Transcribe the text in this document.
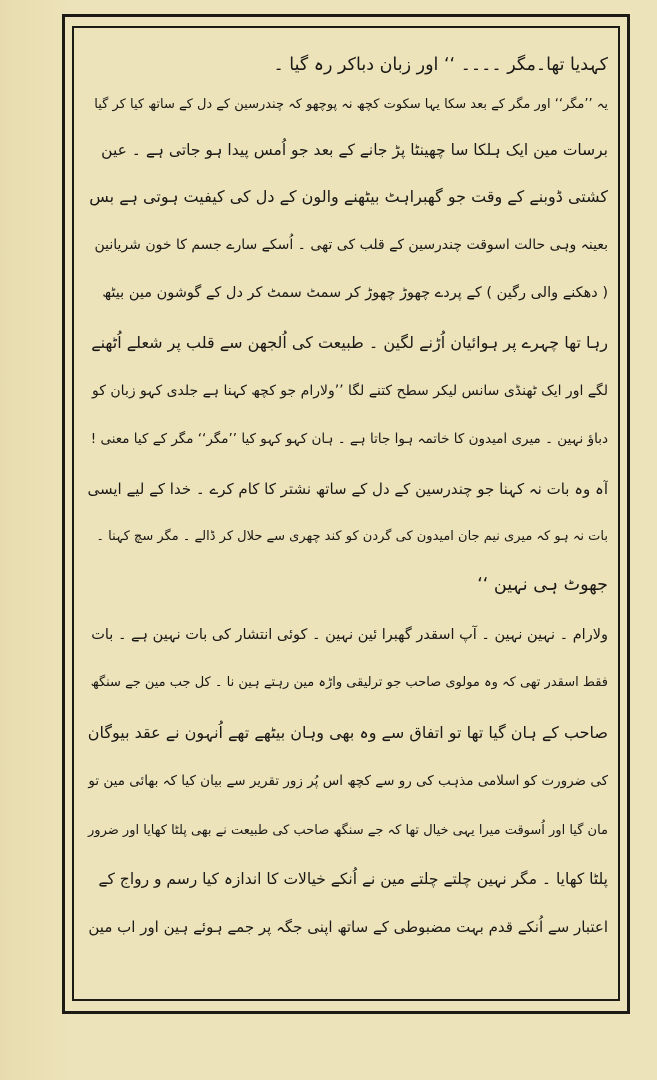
کہدیا تھا۔مگر ۔۔۔۔ ‘‘ اور زبان دباکر رہ گیا ۔
یہ ’’مگر‘‘ اور مگر کے بعد سکا یہا سکوت کچھ نہ پوچھو کہ چندرسین کے دل کے ساتھ کیا کر گیا
برسات مین ایک ہلکا سا چھینٹا پڑ جانے کے بعد جو اُمس پیدا ہو جاتی ہے ۔ عین
کشتی ڈوبنے کے وقت جو گھبراہٹ بیٹھنے والون کے دل کی کیفیت ہوتی ہے بس
بعینہ وہی حالت اسوقت چندرسین کے قلب کی تھی ۔ اُسکے سارے جسم کا خون شریانین
( دھکنے والی رگین ) کے پردے چھوڑ چھوڑ کر سمٹ سمٹ کر دل کے گوشون مین بیٹھ
رہا تھا چہرے پر ہوائیان اُڑنے لگین ۔ طبیعت کی اُلجھن سے قلب پر شعلے اُٹھنے
لگے اور ایک ٹھنڈی سانس لیکر سطح کتنے لگا ’’ولارام جو کچھ کہنا ہے جلدی کہو زبان کو
دباؤ نہین ۔ میری امیدون کا خاتمہ ہوا جاتا ہے ۔ ہان کہو کہو کیا ’’مگر‘‘ مگر کے کیا معنی !
آہ وہ بات نہ کہنا جو چندرسین کے دل کے ساتھ نشتر کا کام کرے ۔ خدا کے لیے ایسی
بات نہ ہو کہ میری نیم جان امیدون کی گردن کو کند چھری سے حلال کر ڈالے ۔ مگر سچ کہنا ۔
جھوٹ ہی نہین ‘‘
ولارام ۔ نہین نہین ۔ آپ اسقدر گھبرا ئین نہین ۔ کوئی انتشار کی بات نہین ہے ۔ بات
فقط اسقدر تھی کہ وہ مولوی صاحب جو ترلیقی واڑہ مین رہتے ہین نا ۔ کل جب مین جے سنگھ
صاحب کے ہان گیا تھا تو اتفاق سے وہ بھی وہان بیٹھے تھے اُنہون نے عقد بیوگان
کی ضرورت کو اسلامی مذہب کی رو سے کچھ اس پُر زور تقریر سے بیان کیا کہ بھائی مین تو
مان گیا اور اُسوقت میرا یہی خیال تھا کہ جے سنگھ صاحب کی طبیعت نے بھی پلٹا کھایا اور ضرور
پلٹا کھایا ۔ مگر نہین چلتے چلتے مین نے اُنکے خیالات کا اندازہ کیا رسم و رواج کے
اعتبار سے اُنکے قدم بہت مضبوطی کے ساتھ اپنی جگہ پر جمے ہوئے ہین اور اب مین
